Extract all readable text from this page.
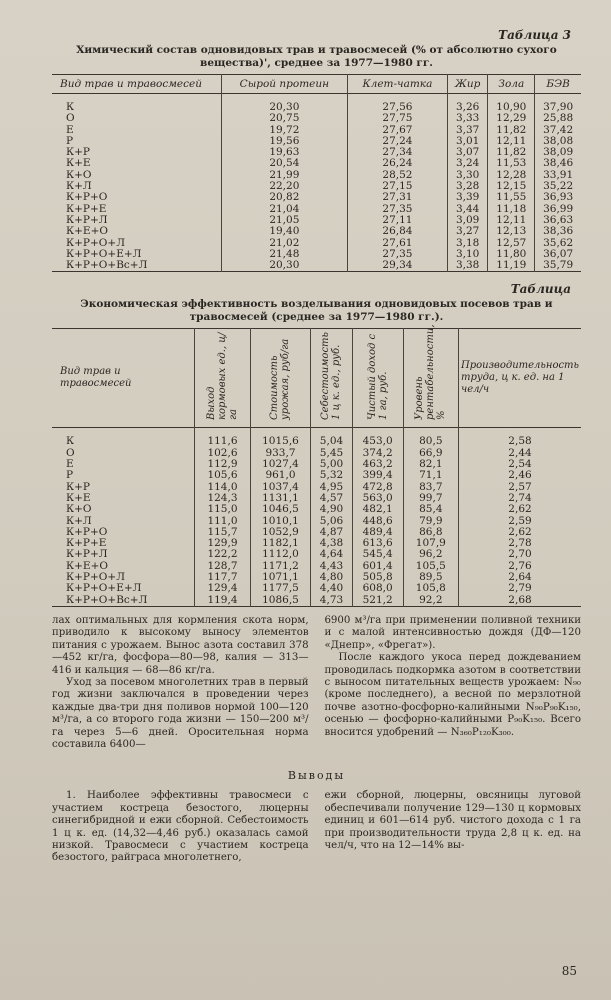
Таблица 3
Химический состав одновидовых трав и травосмесей (% от абсолютно сухого вещества)', среднее за 1977—1980 гг.
Вид трав и травосмесей	Сырой протеин	Клет-чатка	Жир	Зола	БЭВ
К	20,30	27,56	3,26	10,90	37,90
О	20,75	27,75	3,33	12,29	25,88
Е	19,72	27,67	3,37	11,82	37,42
Р	19,56	27,24	3,01	12,11	38,08
К+Р	19,63	27,34	3,07	11,82	38,09
К+Е	20,54	26,24	3,24	11,53	38,46
К+О	21,99	28,52	3,30	12,28	33,91
К+Л	22,20	27,15	3,28	12,15	35,22
К+Р+О	20,82	27,31	3,39	11,55	36,93
К+Р+Е	21,04	27,35	3,44	11,18	36,99
К+Р+Л	21,05	27,11	3,09	12,11	36,63
К+Е+О	19,40	26,84	3,27	12,13	38,36
К+Р+О+Л	21,02	27,61	3,18	12,57	35,62
К+Р+О+Е+Л	21,48	27,35	3,10	11,80	36,07
К+Р+О+Вс+Л	20,30	29,34	3,38	11,19	35,79
Таблица
Экономическая эффективность возделывания одновидовых посевов трав и травосмесей (среднее за 1977—1980 гг.).
Вид трав и травосмесей	Выход кормовых ед., ц/га	Стоимость урожая, руб/га	Себестоимость 1 ц к. ед., руб.	Чистый доход с 1 га, руб.	Уровень рентабельности, %	Производительность труда, ц к. ед. на 1 чел/ч
К	111,6	1015,6	5,04	453,0	80,5	2,58
О	102,6	933,7	5,45	374,2	66,9	2,44
Е	112,9	1027,4	5,00	463,2	82,1	2,54
Р	105,6	961,0	5,32	399,4	71,1	2,46
К+Р	114,0	1037,4	4,95	472,8	83,7	2,57
К+Е	124,3	1131,1	4,57	563,0	99,7	2,74
К+О	115,0	1046,5	4,90	482,1	85,4	2,62
К+Л	111,0	1010,1	5,06	448,6	79,9	2,59
К+Р+О	115,7	1052,9	4,87	489,4	86,8	2,62
К+Р+Е	129,9	1182,1	4,38	613,6	107,9	2,78
К+Р+Л	122,2	1112,0	4,64	545,4	96,2	2,70
К+Е+О	128,7	1171,2	4,43	601,4	105,5	2,76
К+Р+О+Л	117,7	1071,1	4,80	505,8	89,5	2,64
К+Р+О+Е+Л	129,4	1177,5	4,40	608,0	105,8	2,79
К+Р+О+Вс+Л	119,4	1086,5	4,73	521,2	92,2	2,68

лах оптимальных для кормления скота норм, приводило к высокому выносу элементов питания с урожаем. Вынос азота составил 378—452 кг/га, фосфора—80—98, калия — 313—416 и кальция — 68—86 кг/га.

Уход за посевом многолетних трав в первый год жизни заключался в проведении через каждые два-три дня поливов нормой 100—120 м³/га, а со второго года жизни — 150—200 м³/га через 5—6 дней. Оросительная норма составила 6400—

6900 м³/га при применении поливной техники и с малой интенсивностью дождя (ДФ—120 «Днепр», «Фрегат»).

После каждого укоса перед дождеванием проводилась подкормка азотом в соответствии с выносом питательных веществ урожаем: N₉₀ (кроме последнего), а весной по мерзлотной почве азотно-фосфорно-калийными N₉₀P₉₀K₁₅₀, осенью — фосфорно-калийными P₉₀K₁₅₀. Всего вносится удобрений — N₃₆₀P₁₂₀K₃₀₀.

Выводы

1. Наиболее эффективны травосмеси с участием костреца безостого, люцерны синегибридной и ежи сборной. Себестоимость 1 ц к. ед. (14,32—4,46 руб.) оказалась самой низкой. Травосмеси с участием костреца безостого, райграса многолетнего,

ежи сборной, люцерны, овсяницы луговой обеспечивали получение 129—130 ц кормовых единиц и 601—614 руб. чистого дохода с 1 га при производительности труда 2,8 ц к. ед. на чел/ч, что на 12—14% вы-

85
